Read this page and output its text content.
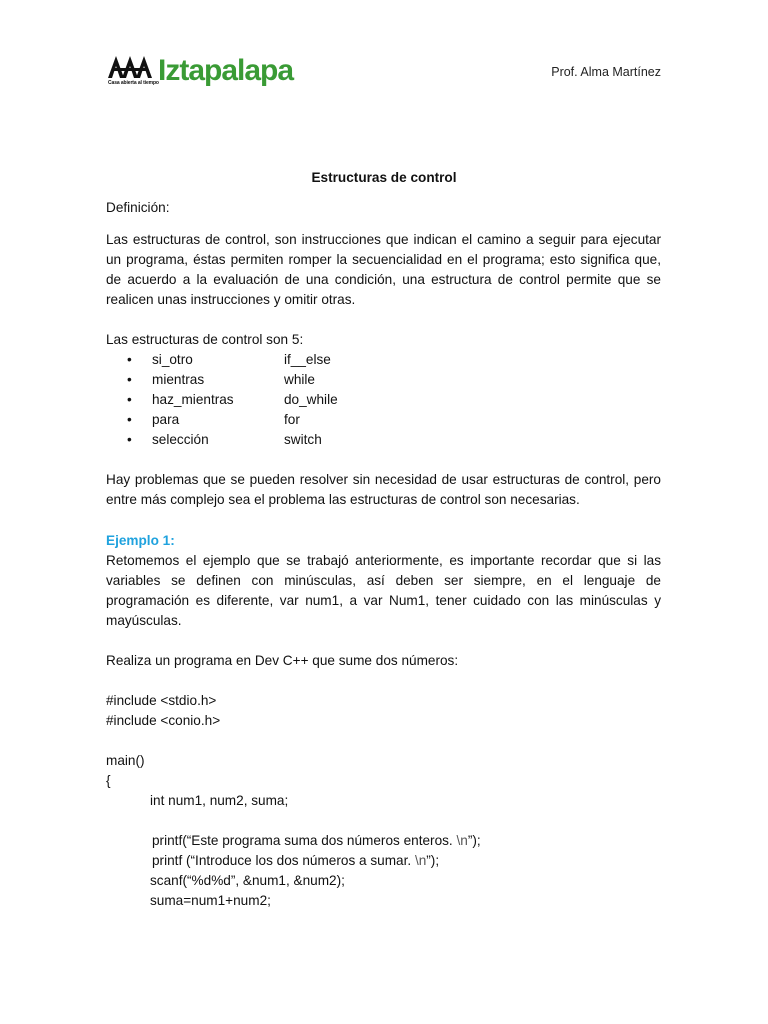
Casa abierta al tiempo Iztapalapa	Prof. Alma Martínez
Estructuras de control
Definición:
Las estructuras de control, son instrucciones que indican el camino a seguir para ejecutar
un programa, éstas permiten romper la secuencialidad en el programa; esto significa que,
de acuerdo a la evaluación de una condición, una estructura de control permite que se
realicen unas instrucciones y omitir otras.
Las estructuras de control son 5:
• si_otro	if__else
• mientras	while
• haz_mientras	do_while
• para	for
• selección	switch
Hay problemas que se pueden resolver sin necesidad de usar estructuras de control, pero
entre más complejo sea el problema las estructuras de control son necesarias.
Ejemplo 1:
Retomemos el ejemplo que se trabajó anteriormente, es importante recordar que si las
variables se definen con minúsculas, así deben ser siempre, en el lenguaje de
programación es diferente, var num1, a var Num1, tener cuidado con las minúsculas y
mayúsculas.
Realiza un programa en Dev C++ que sume dos números:
#include <stdio.h>
#include <conio.h>
main()
{
int num1, num2, suma;
printf(“Este programa suma dos números enteros. \n”);
printf (“Introduce los dos números a sumar. \n”);
scanf(“%d%d”, &num1, &num2);
suma=num1+num2;
